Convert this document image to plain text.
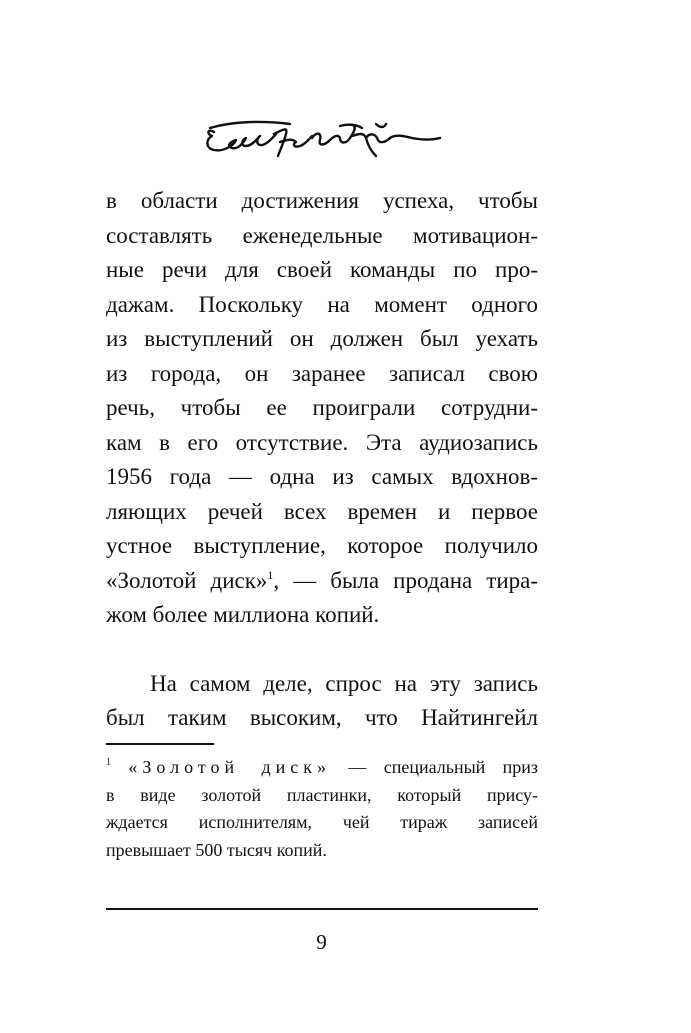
в области достижения успеха, чтобы
составлять еженедельные мотивацион-
ные речи для своей команды по про-
дажам. Поскольку на момент одного
из выступлений он должен был уехать
из города, он заранее записал свою
речь, чтобы ее проиграли сотрудни-
кам в его отсутствие. Эта аудиозапись
1956 года — одна из самых вдохнов-
ляющих речей всех времен и первое
устное выступление, которое получило
«Золотой диск»$^1$, — была продана тира-
жом более миллиона копий.
На самом деле, спрос на эту запись
был таким высоким, что Найтингейл
$^1$ «Золотой диск» — специальный приз
в виде золотой пластинки, который прису-
ждается исполнителям, чей тираж записей
превышает 500 тысяч копий.
9
